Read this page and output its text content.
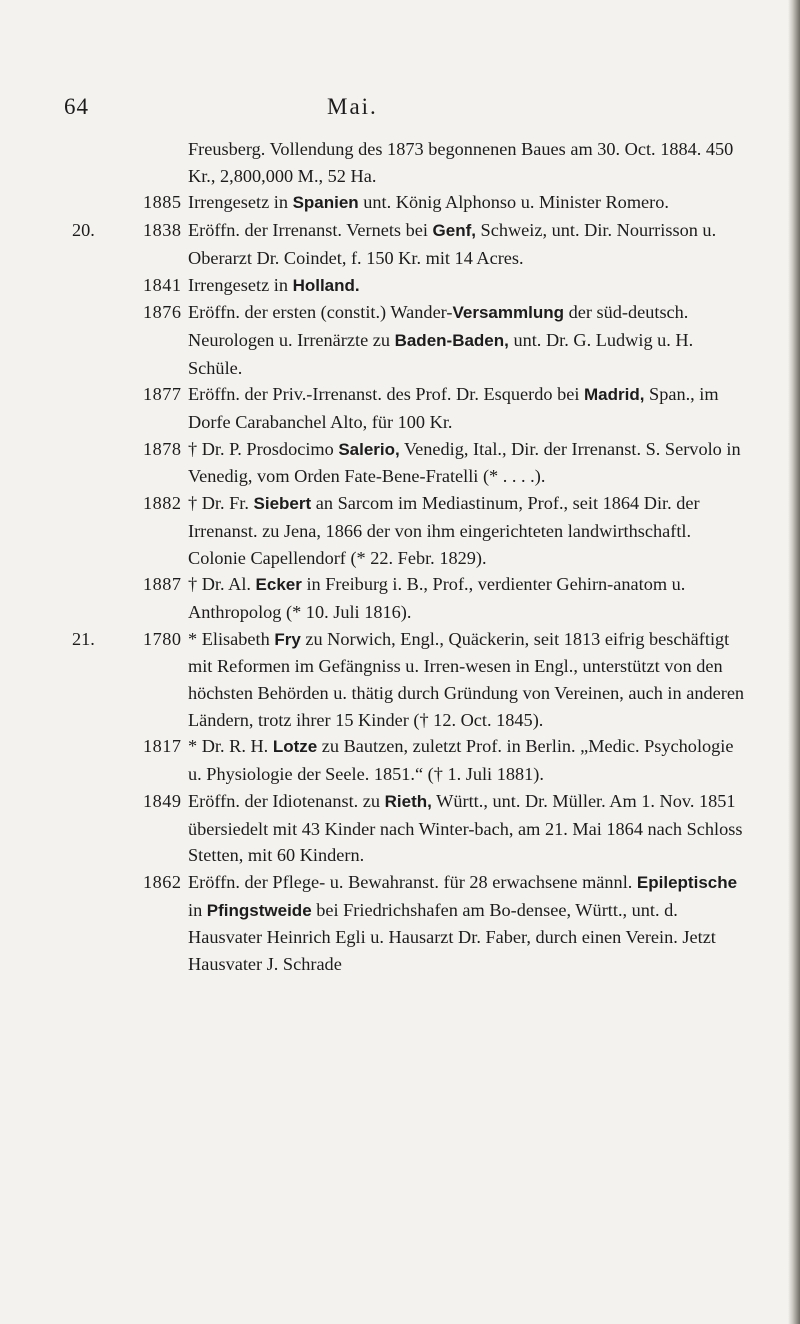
64	Mai.
Freusberg. Vollendung des 1873 begonnenen Baues am 30. Oct. 1884. 450 Kr., 2,800,000 M., 52 Ha.
1885 Irrengesetz in Spanien unt. König Alphonso u. Minister Romero.
20.	1838 Eröffn. der Irrenanst. Vernets bei Genf, Schweiz, unt. Dir. Nourrisson u. Oberarzt Dr. Coindet, f. 150 Kr. mit 14 Acres.
1841 Irrengesetz in Holland.
1876 Eröffn. der ersten (constit.) Wander-Versammlung der süd-deutsch. Neurologen u. Irrenärzte zu Baden-Baden, unt. Dr. G. Ludwig u. H. Schüle.
1877 Eröffn. der Priv.-Irrenanst. des Prof. Dr. Esquerdo bei Madrid, Span., im Dorfe Carabanchel Alto, für 100 Kr.
1878 † Dr. P. Prosdocimo Salerio, Venedig, Ital., Dir. der Irrenanst. S. Servolo in Venedig, vom Orden Fate-Bene-Fratelli (* . . . .).
1882 † Dr. Fr. Siebert an Sarcom im Mediastinum, Prof., seit 1864 Dir. der Irrenanst. zu Jena, 1866 der von ihm eingerichteten landwirthschaftl. Colonie Capellendorf (* 22. Febr. 1829).
1887 † Dr. Al. Ecker in Freiburg i. B., Prof., verdienter Gehirn-anatom u. Anthropolog (* 10. Juli 1816).
21.	1780 * Elisabeth Fry zu Norwich, Engl., Quäckerin, seit 1813 eifrig beschäftigt mit Reformen im Gefängniss u. Irren-wesen in Engl., unterstützt von den höchsten Behörden u. thätig durch Gründung von Vereinen, auch in anderen Ländern, trotz ihrer 15 Kinder († 12. Oct. 1845).
1817 * Dr. R. H. Lotze zu Bautzen, zuletzt Prof. in Berlin. „Medic. Psychologie u. Physiologie der Seele. 1851.“ († 1. Juli 1881).
1849 Eröffn. der Idiotenanst. zu Rieth, Württ., unt. Dr. Müller. Am 1. Nov. 1851 übersiedelt mit 43 Kinder nach Winter-bach, am 21. Mai 1864 nach Schloss Stetten, mit 60 Kindern.
1862 Eröffn. der Pflege- u. Bewahranst. für 28 erwachsene männl. Epileptische in Pfingstweide bei Friedrichshafen am Bo-densee, Württ., unt. d. Hausvater Heinrich Egli u. Hausarzt Dr. Faber, durch einen Verein. Jetzt Hausvater J. Schrade
